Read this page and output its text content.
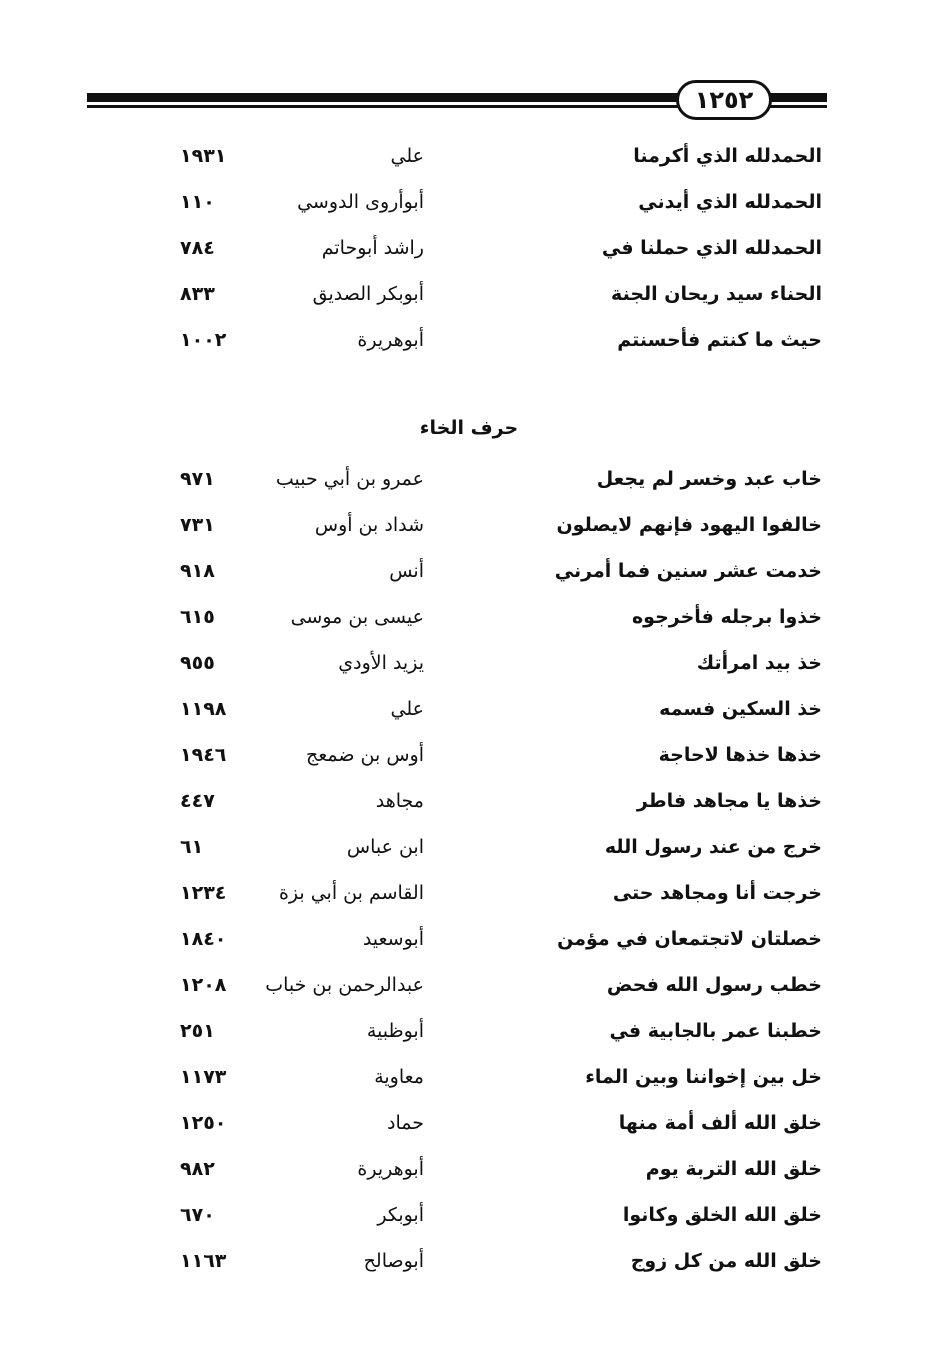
١٢٥٢
الحمدلله الذي أكرمنا
علي
١٩٣١
الحمدلله الذي أيدني
أبوأروى الدوسي
١١٠
الحمدلله الذي حملنا في
راشد أبوحاتم
٧٨٤
الحناء سيد ريحان الجنة
أبوبكر الصديق
٨٣٣
حيث ما كنتم فأحسنتم
أبوهريرة
١٠٠٢
حرف الخاء
خاب عبد وخسر لم يجعل
عمرو بن أبي حبيب
٩٧١
خالفوا اليهود فإنهم لايصلون
شداد بن أوس
٧٣١
خدمت عشر سنين فما أمرني
أنس
٩١٨
خذوا برجله فأخرجوه
عيسى بن موسى
٦١٥
خذ بيد امرأتك
يزيد الأودي
٩٥٥
خذ السكين فسمه
علي
١١٩٨
خذها خذها لاحاجة
أوس بن ضمعج
١٩٤٦
خذها يا مجاهد فاطر
مجاهد
٤٤٧
خرج من عند رسول الله
ابن عباس
٦١
خرجت أنا ومجاهد حتى
القاسم بن أبي بزة
١٢٣٤
خصلتان لاتجتمعان في مؤمن
أبوسعيد
١٨٤٠
خطب رسول الله فحض
عبدالرحمن بن خباب
١٢٠٨
خطبنا عمر بالجابية في
أبوظبية
٢٥١
خل بين إخواننا وبين الماء
معاوية
١١٧٣
خلق الله ألف أمة منها
حماد
١٢٥٠
خلق الله التربة يوم
أبوهريرة
٩٨٢
خلق الله الخلق وكانوا
أبوبكر
٦٧٠
خلق الله من كل زوج
أبوصالح
١١٦٣
